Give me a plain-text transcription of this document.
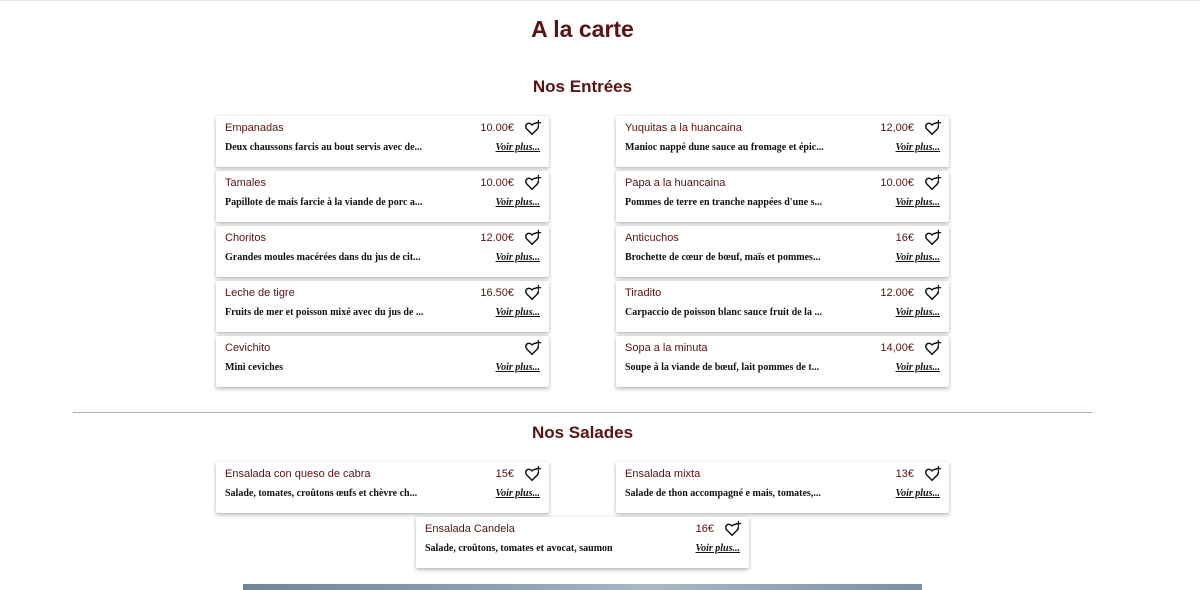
A la carte
Nos Entrées
Empanadas	10.00€
Deux chaussons farcis au bout servis avec de...	Voir plus...
Yuquitas a la huancaina	12,00€
Manioc nappé dune sauce au fromage et épic...	Voir plus...
Tamales	10.00€
Papillote de mais farcie à la viande de porc a...	Voir plus...
Papa a la huancaina	10.00€
Pommes de terre en tranche nappées d'une s...	Voir plus...
Choritos	12.00€
Grandes moules macérées dans du jus de cit...	Voir plus...
Anticuchos	16€
Brochette de cœur de bœuf, maïs et pommes...	Voir plus...
Leche de tigre	16.50€
Fruits de mer et poisson mixé avec du jus de ...	Voir plus...
Tiradito	12.00€
Carpaccio de poisson blanc sauce fruit de la ...	Voir plus...
Cevichito
Mini ceviches	Voir plus...
Sopa a la minuta	14,00€
Soupe à la viande de bœuf, lait pommes de t...	Voir plus...
Nos Salades
Ensalada con queso de cabra	15€
Salade, tomates, croûtons œufs et chèvre ch...	Voir plus...
Ensalada mixta	13€
Salade de thon accompagné e mais, tomates,...	Voir plus...
Ensalada Candela	16€
Salade, croûtons, tomates et avocat, saumon	Voir plus...
